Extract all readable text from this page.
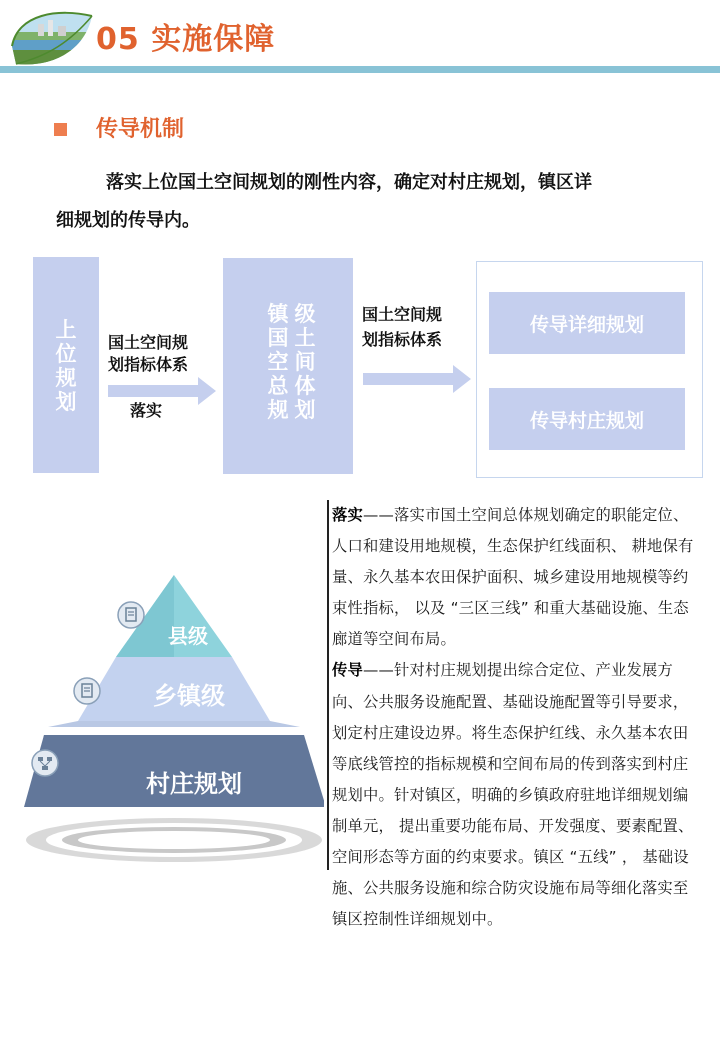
05 实施保障
传导机制
落实上位国土空间规划的刚性内容，确定对村庄规划，镇区详
细规划的传导内。
上位规划
国土空间规
划指标体系
落实
镇国空总规
级土间体划
国土空间规
划指标体系
传导详细规划
传导村庄规划
县级
乡镇级
村庄规划

落实——落实市国土空间总体规划确定的职能定位、人口和建设用地规模，生态保护红线面积、 耕地保有量、永久基本农田保护面积、城乡建设用地规模等约束性指标， 以及 “三区三线” 和重大基础设施、生态廊道等空间布局。

传导——针对村庄规划提出综合定位、产业发展方向、公共服务设施配置、基础设施配置等引导要求，划定村庄建设边界。将生态保护红线、永久基本农田等底线管控的指标规模和空间布局的传到落实到村庄规划中。针对镇区，明确的乡镇政府驻地详细规划编制单元， 提出重要功能布局、开发强度、要素配置、空间形态等方面的约束要求。镇区 “五线” ， 基础设施、公共服务设施和综合防灾设施布局等细化落实至镇区控制性详细规划中。
